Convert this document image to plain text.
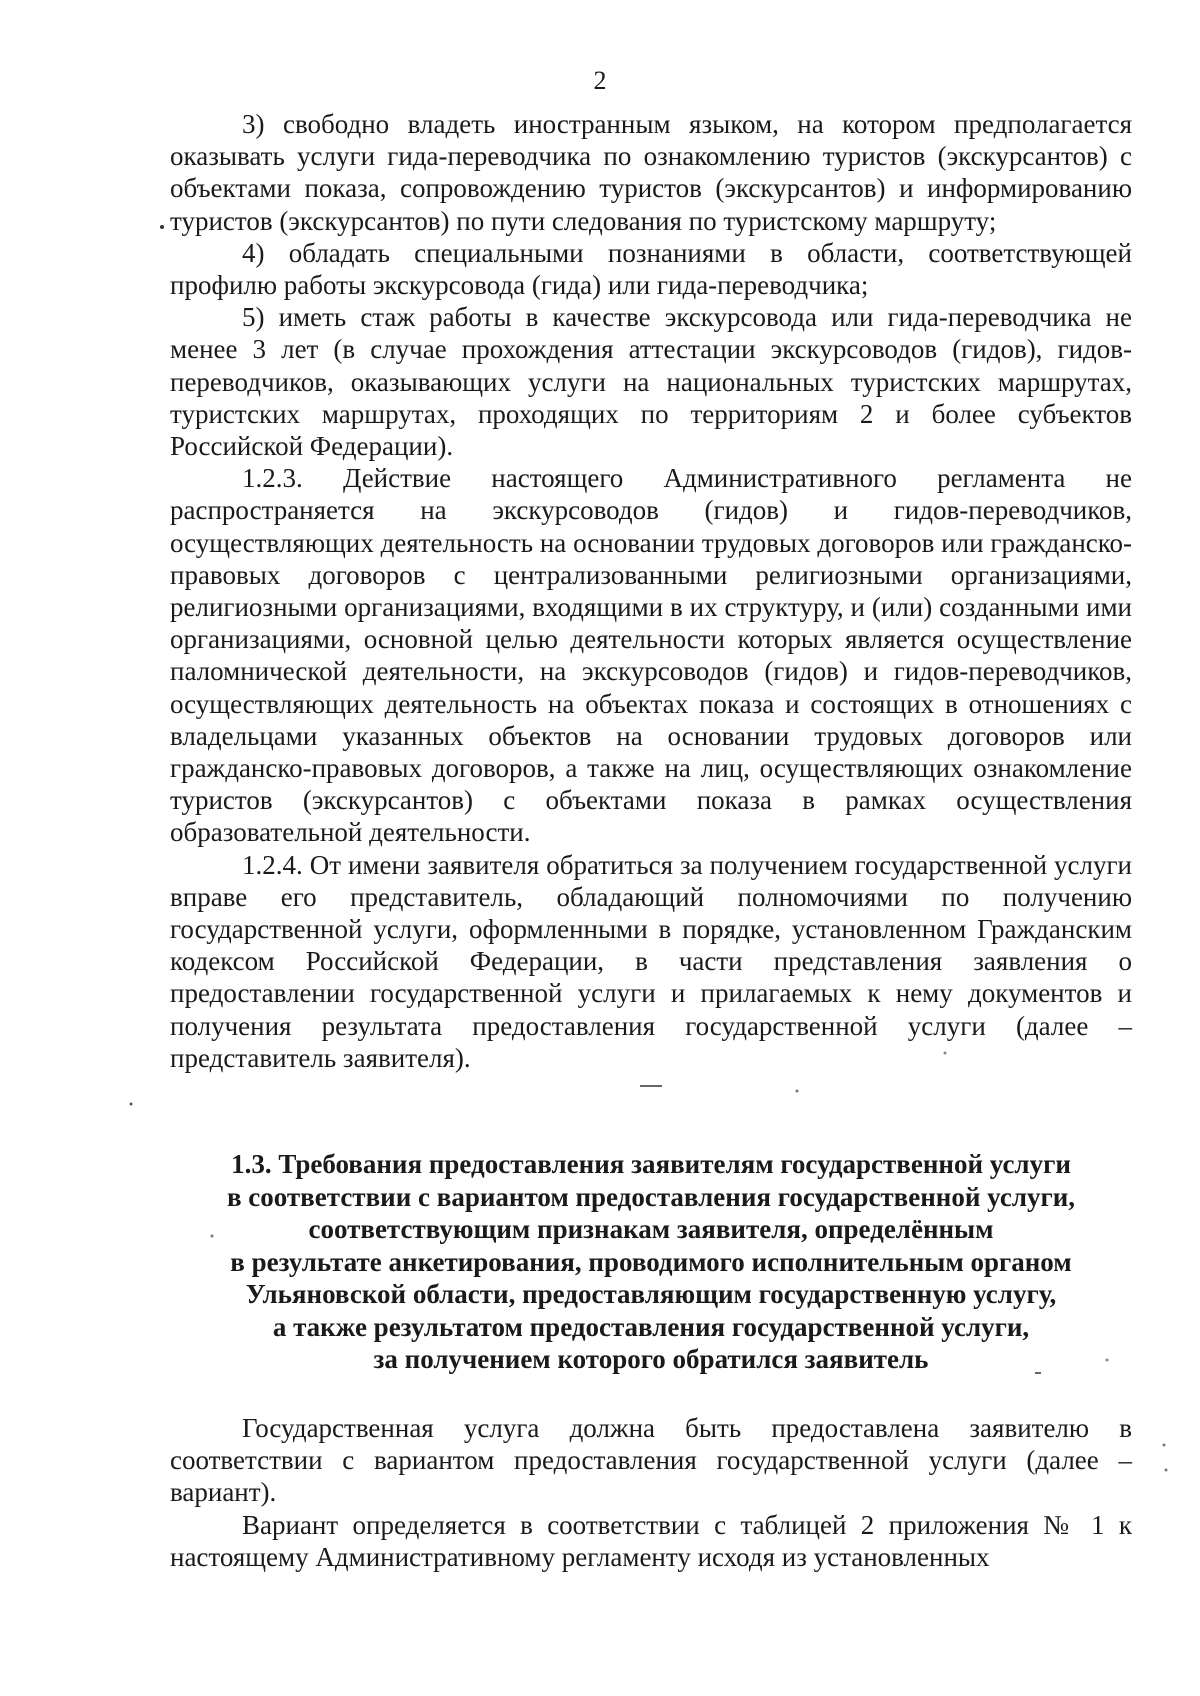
2

3) свободно владеть иностранным языком, на котором предполагается оказывать услуги гида-переводчика по ознакомлению туристов (экскурсантов) с объектами показа, сопровождению туристов (экскурсантов) и информированию туристов (экскурсантов) по пути следования по туристскому маршруту;

4) обладать специальными познаниями в области, соответствующей профилю работы экскурсовода (гида) или гида-переводчика;

5) иметь стаж работы в качестве экскурсовода или гида-переводчика не менее 3 лет (в случае прохождения аттестации экскурсоводов (гидов), гидов-переводчиков, оказывающих услуги на национальных туристских маршрутах, туристских маршрутах, проходящих по территориям 2 и более субъектов Российской Федерации).

1.2.3. Действие настоящего Административного регламента не распространяется на экскурсоводов (гидов) и гидов-переводчиков, осуществляющих деятельность на основании трудовых договоров или гражданско-правовых договоров с централизованными религиозными организациями, религиозными организациями, входящими в их структуру, и (или) созданными ими организациями, основной целью деятельности которых является осуществление паломнической деятельности, на экскурсоводов (гидов) и гидов-переводчиков, осуществляющих деятельность на объектах показа и состоящих в отношениях с владельцами указанных объектов на основании трудовых договоров или гражданско-правовых договоров, а также на лиц, осуществляющих ознакомление туристов (экскурсантов) с объектами показа в рамках осуществления образовательной деятельности.

1.2.4. От имени заявителя обратиться за получением государственной услуги вправе его представитель, обладающий полномочиями по получению государственной услуги, оформленными в порядке, установленном Гражданским кодексом Российской Федерации, в части представления заявления о предоставлении государственной услуги и прилагаемых к нему документов и получения результата предоставления государственной услуги (далее – представитель заявителя).

1.3. Требования предоставления заявителям государственной услуги
в соответствии с вариантом предоставления государственной услуги,
соответствующим признакам заявителя, определённым
в результате анкетирования, проводимого исполнительным органом
Ульяновской области, предоставляющим государственную услугу,
а также результатом предоставления государственной услуги,
за получением которого обратился заявитель

Государственная услуга должна быть предоставлена заявителю в соответствии с вариантом предоставления государственной услуги (далее – вариант).

Вариант определяется в соответствии с таблицей 2 приложения № 1 к настоящему Административному регламенту исходя из установленных
